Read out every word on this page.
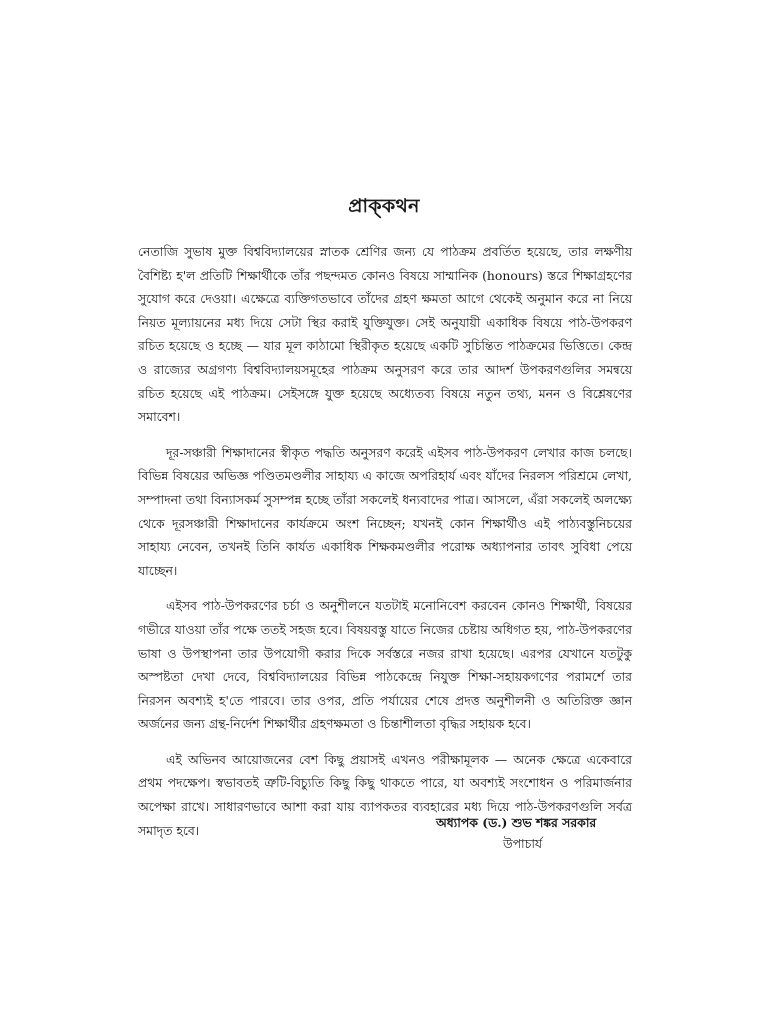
প্রাক্‌কথন

নেতাজি সুভাষ মুক্ত বিশ্ববিদ্যালয়ের স্নাতক শ্রেণির জন্য যে পাঠক্রম প্রবর্তিত হয়েছে, তার লক্ষণীয় বৈশিষ্ট্য হ'ল প্রতিটি শিক্ষার্থীকে তাঁর পছন্দমত কোনও বিষয়ে সাম্মানিক (honours) স্তরে শিক্ষাগ্রহণের সুযোগ করে দেওয়া। এক্ষেত্রে ব্যক্তিগতভাবে তাঁদের গ্রহণ ক্ষমতা আগে থেকেই অনুমান করে না নিয়ে নিয়ত মূল্যায়নের মধ্য দিয়ে সেটা স্থির করাই যুক্তিযুক্ত। সেই অনুযায়ী একাধিক বিষয়ে পাঠ-উপকরণ রচিত হয়েছে ও হচ্ছে — যার মূল কাঠামো স্থিরীকৃত হয়েছে একটি সুচিন্তিত পাঠক্রমের ভিত্তিতে। কেন্দ্র ও রাজ্যের অগ্রগণ্য বিশ্ববিদ্যালয়সমূহের পাঠক্রম অনুসরণ করে তার আদর্শ উপকরণগুলির সমন্বয়ে রচিত হয়েছে এই পাঠক্রম। সেইসঙ্গে যুক্ত হয়েছে অধ্যেতব্য বিষয়ে নতুন তথ্য, মনন ও বিশ্লেষণের সমাবেশ।

দূর-সঞ্চারী শিক্ষাদানের স্বীকৃত পদ্ধতি অনুসরণ করেই এইসব পাঠ-উপকরণ লেখার কাজ চলছে। বিভিন্ন বিষয়ের অভিজ্ঞ পণ্ডিতমণ্ডলীর সাহায্য এ কাজে অপরিহার্য এবং যাঁদের নিরলস পরিশ্রমে লেখা, সম্পাদনা তথা বিন্যাসকর্ম সুসম্পন্ন হচ্ছে তাঁরা সকলেই ধন্যবাদের পাত্র। আসলে, এঁরা সকলেই অলক্ষ্যে থেকে দূরসঞ্চারী শিক্ষাদানের কার্যক্রমে অংশ নিচ্ছেন; যখনই কোন শিক্ষার্থীও এই পাঠ্যবস্তুনিচয়ের সাহায্য নেবেন, তখনই তিনি কার্যত একাধিক শিক্ষকমণ্ডলীর পরোক্ষ অধ্যাপনার তাবৎ সুবিধা পেয়ে যাচ্ছেন।

এইসব পাঠ-উপকরণের চর্চা ও অনুশীলনে যতটাই মনোনিবেশ করবেন কোনও শিক্ষার্থী, বিষয়ের গভীরে যাওয়া তাঁর পক্ষে ততই সহজ হবে। বিষয়বস্তু যাতে নিজের চেষ্টায় অধিগত হয়, পাঠ-উপকরণের ভাষা ও উপস্থাপনা তার উপযোগী করার দিকে সর্বস্তরে নজর রাখা হয়েছে। এরপর যেখানে যতটুকু অস্পষ্টতা দেখা দেবে, বিশ্ববিদ্যালয়ের বিভিন্ন পাঠকেন্দ্রে নিযুক্ত শিক্ষা-সহায়কগণের পরামর্শে তার নিরসন অবশ্যই হ'তে পারবে। তার ওপর, প্রতি পর্যায়ের শেষে প্রদত্ত অনুশীলনী ও অতিরিক্ত জ্ঞান অর্জনের জন্য গ্রন্থ-নির্দেশ শিক্ষার্থীর গ্রহণক্ষমতা ও চিন্তাশীলতা বৃদ্ধির সহায়ক হবে।

এই অভিনব আয়োজনের বেশ কিছু প্রয়াসই এখনও পরীক্ষামূলক — অনেক ক্ষেত্রে একেবারে প্রথম পদক্ষেপ। স্বভাবতই ত্রুটি-বিচ্যুতি কিছু কিছু থাকতে পারে, যা অবশ্যই সংশোধন ও পরিমার্জনার অপেক্ষা রাখে। সাধারণভাবে আশা করা যায় ব্যাপকতর ব্যবহারের মধ্য দিয়ে পাঠ-উপকরণগুলি সর্বত্র সমাদৃত হবে।

অধ্যাপক (ড.) শুভ শঙ্কর সরকার
উপাচার্য
